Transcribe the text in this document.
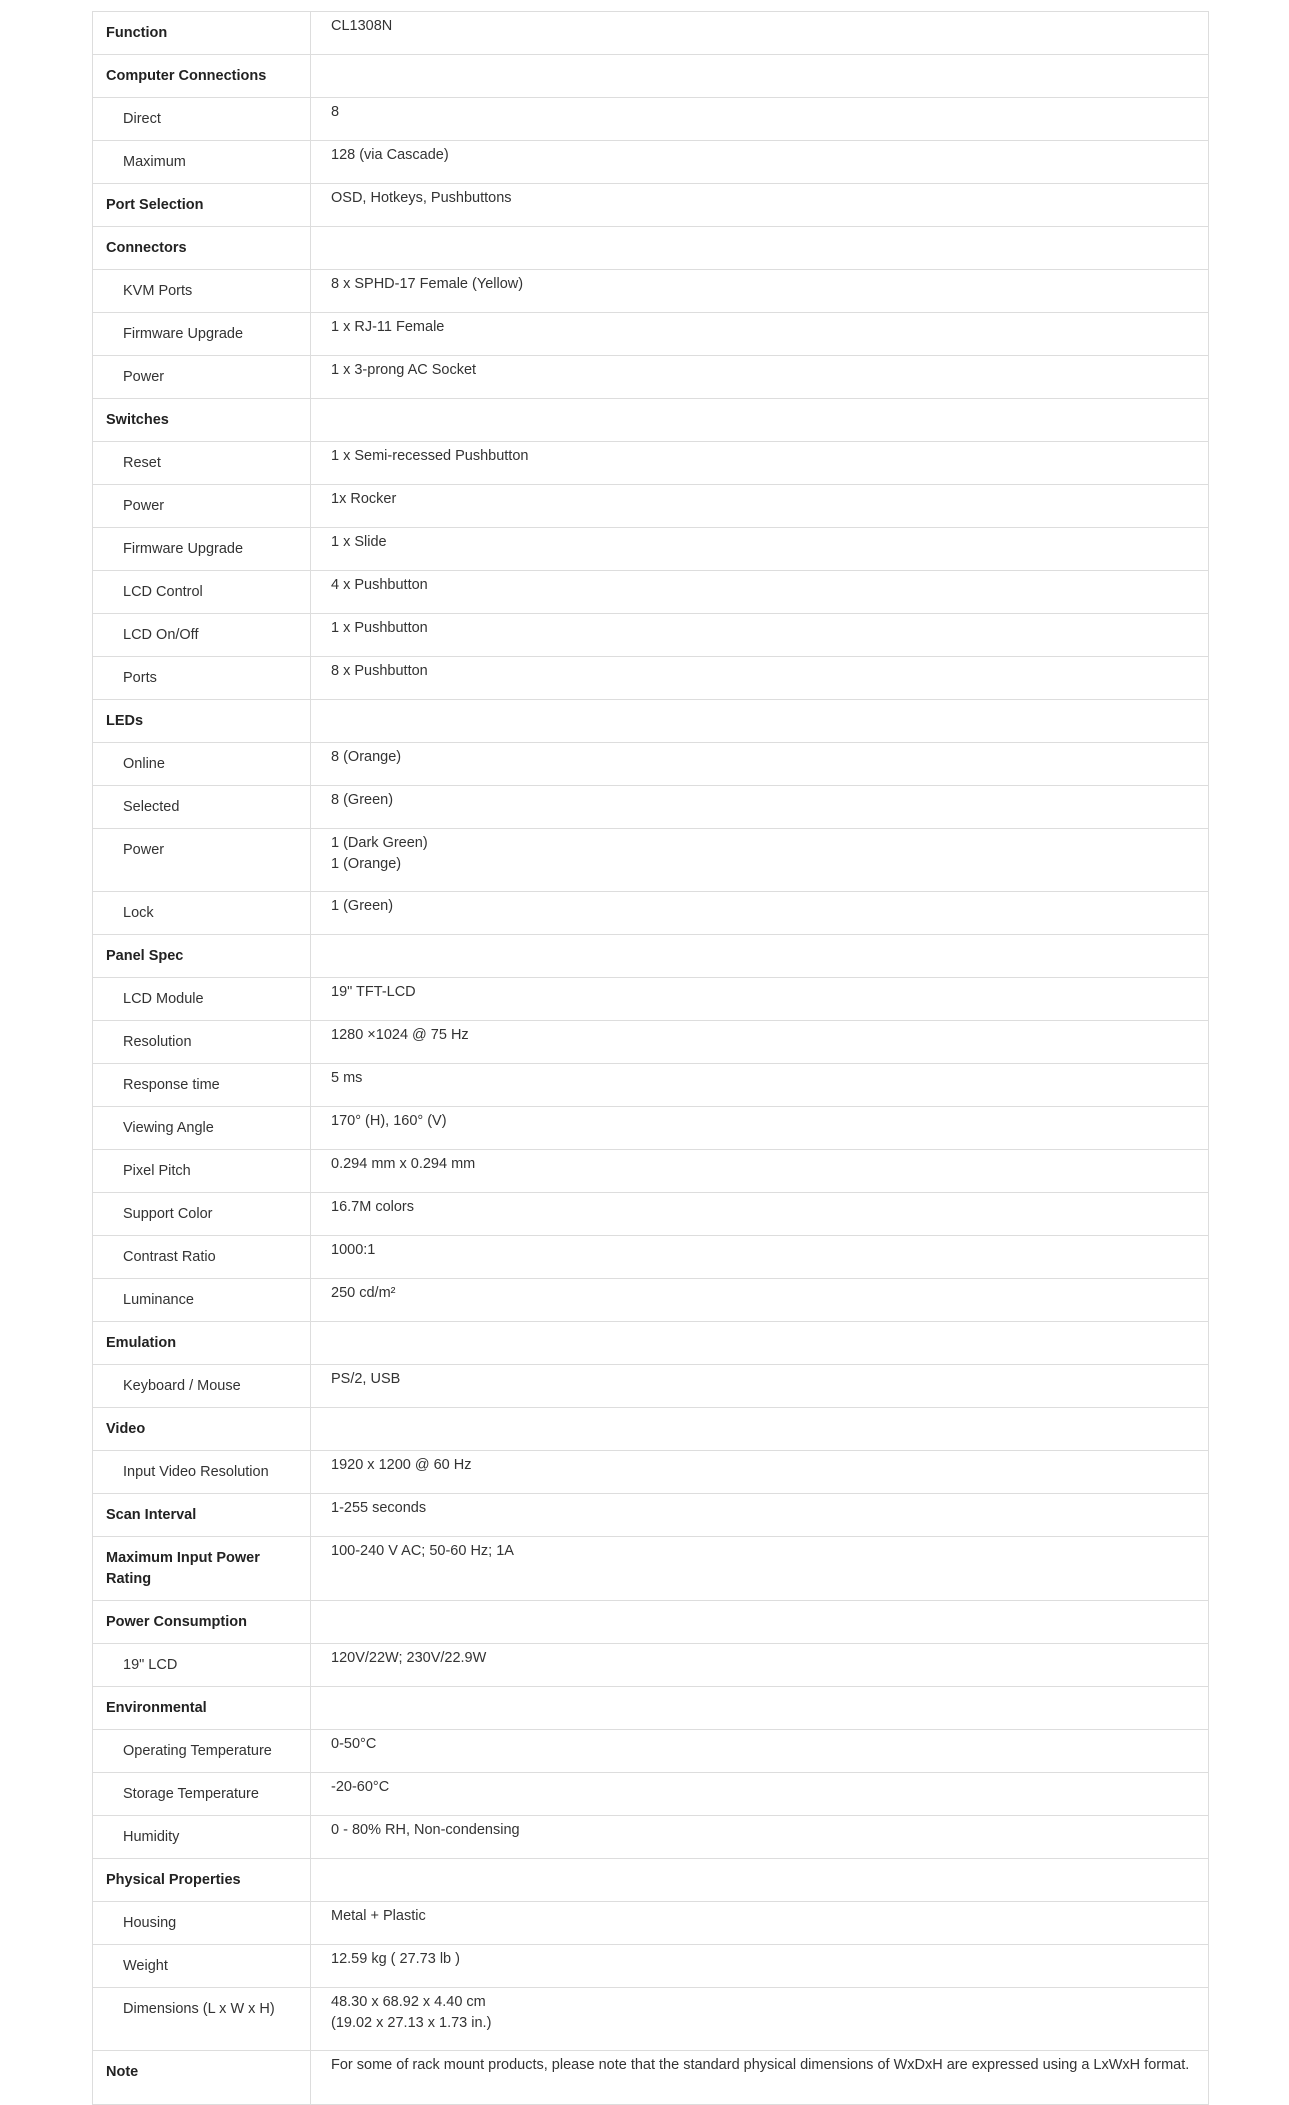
Function	CL1308N

Computer Connections	

Direct	8

Maximum	128 (via Cascade)

Port Selection	OSD, Hotkeys, Pushbuttons

Connectors	

KVM Ports	8 x SPHD-17 Female (Yellow)

Firmware Upgrade	1 x RJ-11 Female

Power	1 x 3-prong AC Socket

Switches	

Reset	1 x Semi-recessed Pushbutton

Power	1x Rocker

Firmware Upgrade	1 x Slide

LCD Control	4 x Pushbutton

LCD On/Off	1 x Pushbutton

Ports	8 x Pushbutton

LEDs	

Online	8 (Orange)

Selected	8 (Green)

Power	1 (Dark Green)
1 (Orange)

Lock	1 (Green)

Panel Spec	

LCD Module	19" TFT-LCD

Resolution	1280 ×1024 @ 75 Hz

Response time	5 ms

Viewing Angle	170° (H), 160° (V)

Pixel Pitch	0.294 mm x 0.294 mm

Support Color	16.7M colors

Contrast Ratio	1000:1

Luminance	250 cd/m²

Emulation	

Keyboard / Mouse	PS/2, USB

Video	

Input Video Resolution	1920 x 1200 @ 60 Hz

Scan Interval	1-255 seconds

Maximum Input Power Rating	100-240 V AC; 50-60 Hz; 1A

Power Consumption	

19" LCD	120V/22W; 230V/22.9W

Environmental	

Operating Temperature	0-50°C

Storage Temperature	-20-60°C

Humidity	0 - 80% RH, Non-condensing

Physical Properties	

Housing	Metal + Plastic

Weight	12.59 kg ( 27.73 lb )

Dimensions (L x W x H)	48.30 x 68.92 x 4.40 cm
(19.02 x 27.13 x 1.73 in.)

Note	For some of rack mount products, please note that the standard physical dimensions of WxDxH are expressed using a LxWxH format.
